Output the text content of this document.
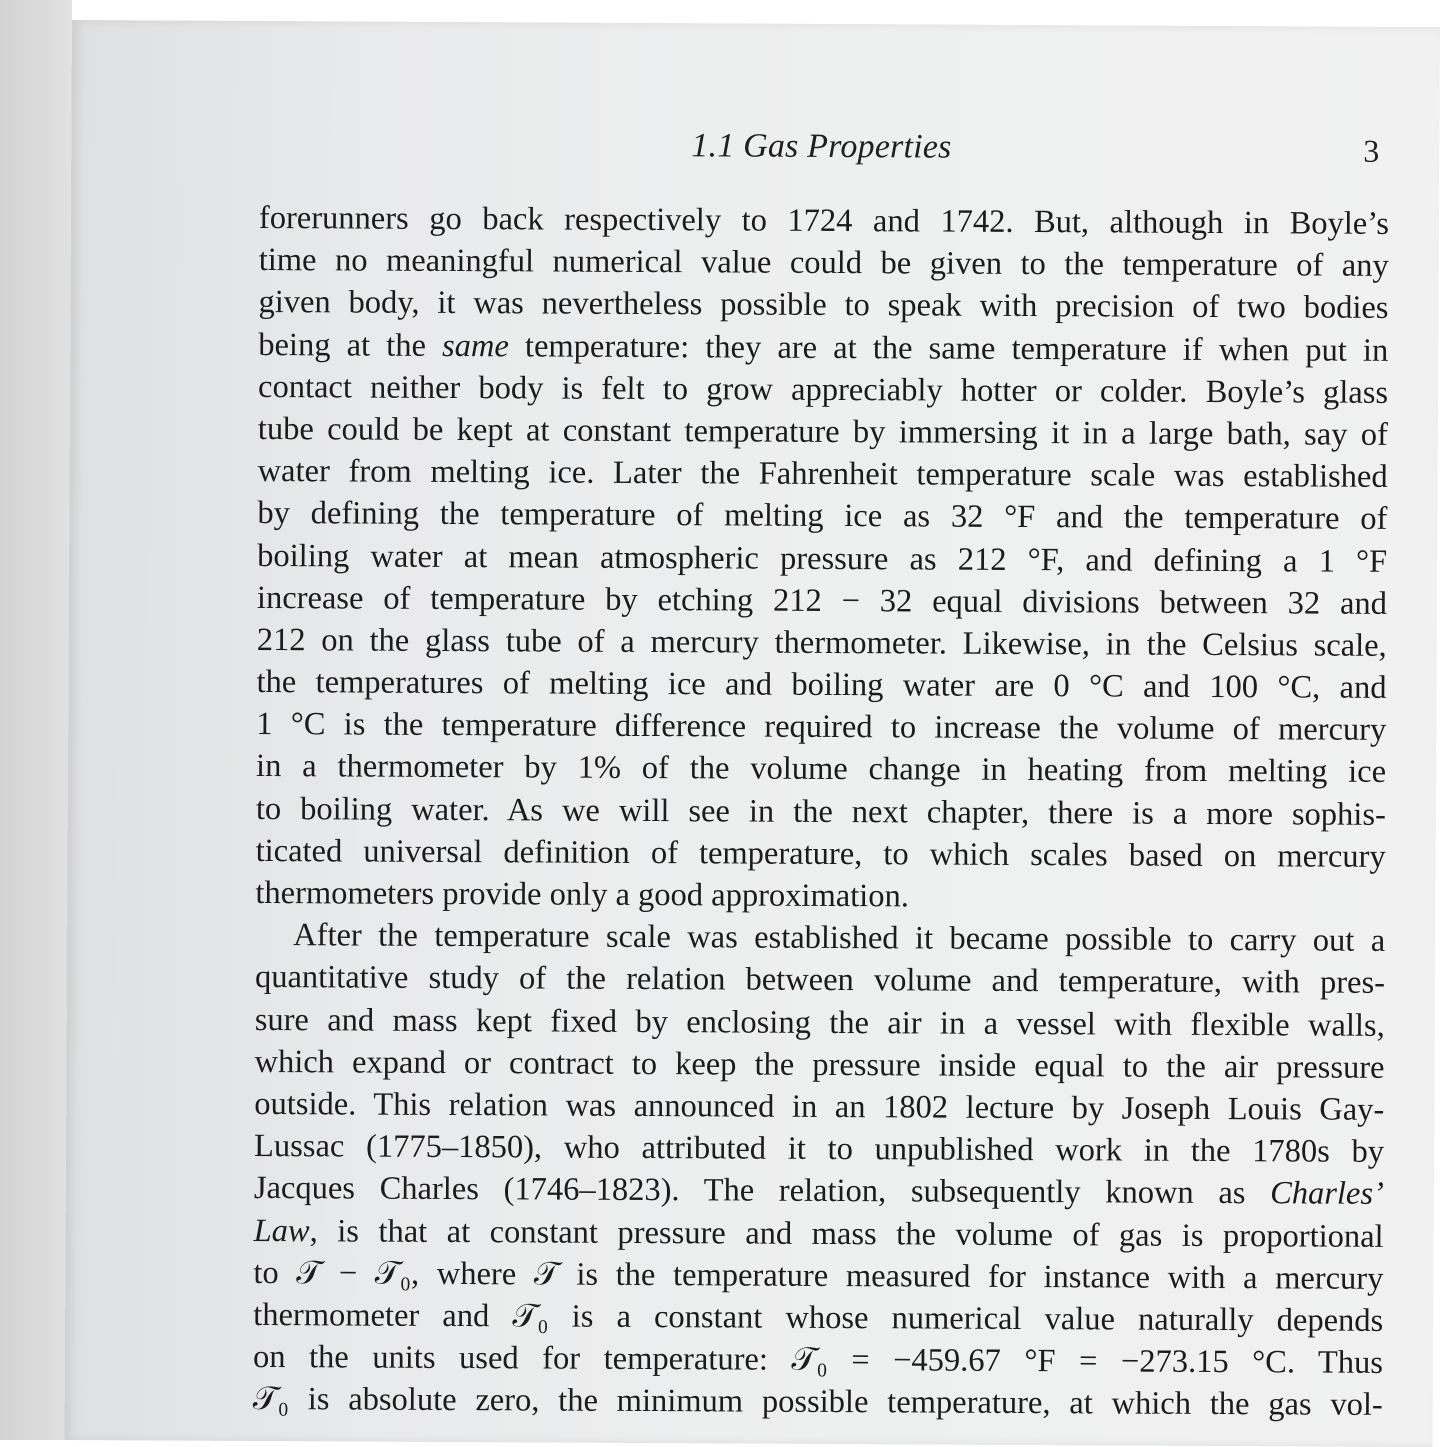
1.1 Gas Properties	3
forerunners go back respectively to 1724 and 1742. But, although in Boyle’s
time no meaningful numerical value could be given to the temperature of any
given body, it was nevertheless possible to speak with precision of two bodies
being at the same temperature: they are at the same temperature if when put in
contact neither body is felt to grow appreciably hotter or colder. Boyle’s glass
tube could be kept at constant temperature by immersing it in a large bath, say of
water from melting ice. Later the Fahrenheit temperature scale was established
by defining the temperature of melting ice as 32 °F and the temperature of
boiling water at mean atmospheric pressure as 212 °F, and defining a 1 °F
increase of temperature by etching 212 − 32 equal divisions between 32 and
212 on the glass tube of a mercury thermometer. Likewise, in the Celsius scale,
the temperatures of melting ice and boiling water are 0 °C and 100 °C, and
1 °C is the temperature difference required to increase the volume of mercury
in a thermometer by 1% of the volume change in heating from melting ice
to boiling water. As we will see in the next chapter, there is a more sophis-
ticated universal definition of temperature, to which scales based on mercury
thermometers provide only a good approximation.
After the temperature scale was established it became possible to carry out a
quantitative study of the relation between volume and temperature, with pres-
sure and mass kept fixed by enclosing the air in a vessel with flexible walls,
which expand or contract to keep the pressure inside equal to the air pressure
outside. This relation was announced in an 1802 lecture by Joseph Louis Gay-
Lussac (1775–1850), who attributed it to unpublished work in the 1780s by
Jacques Charles (1746–1823). The relation, subsequently known as Charles’
Law, is that at constant pressure and mass the volume of gas is proportional
to 𝒯 − 𝒯₀, where 𝒯 is the temperature measured for instance with a mercury
thermometer and 𝒯₀ is a constant whose numerical value naturally depends
on the units used for temperature: 𝒯₀ = −459.67 °F = −273.15 °C. Thus
𝒯₀ is absolute zero, the minimum possible temperature, at which the gas vol-
